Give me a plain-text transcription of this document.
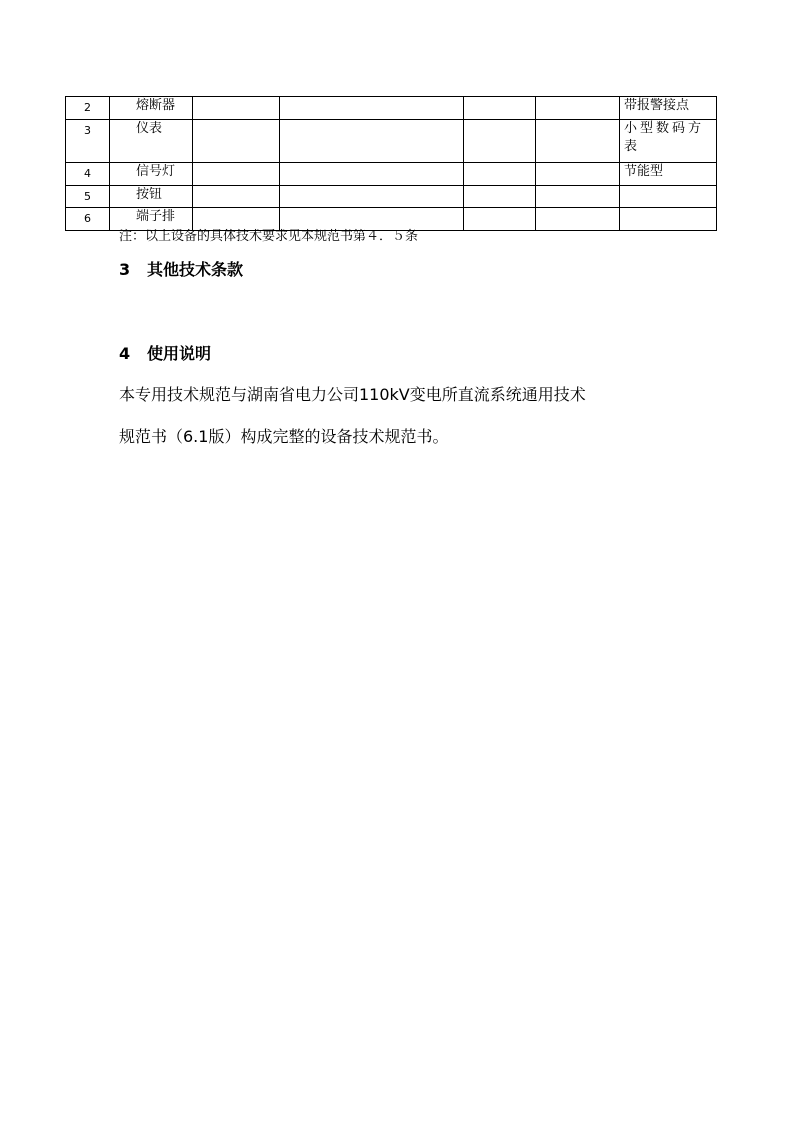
2	熔断器					带报警接点
3	仪表					小型数码方表
4	信号灯					节能型
5	按钮					
6	端子排					
注：以上设备的具体技术要求见本规范书第４．５条
3 其他技术条款
4 使用说明
本专用技术规范与湖南省电力公司110kV变电所直流系统通用技术
规范书（6.1版）构成完整的设备技术规范书。
